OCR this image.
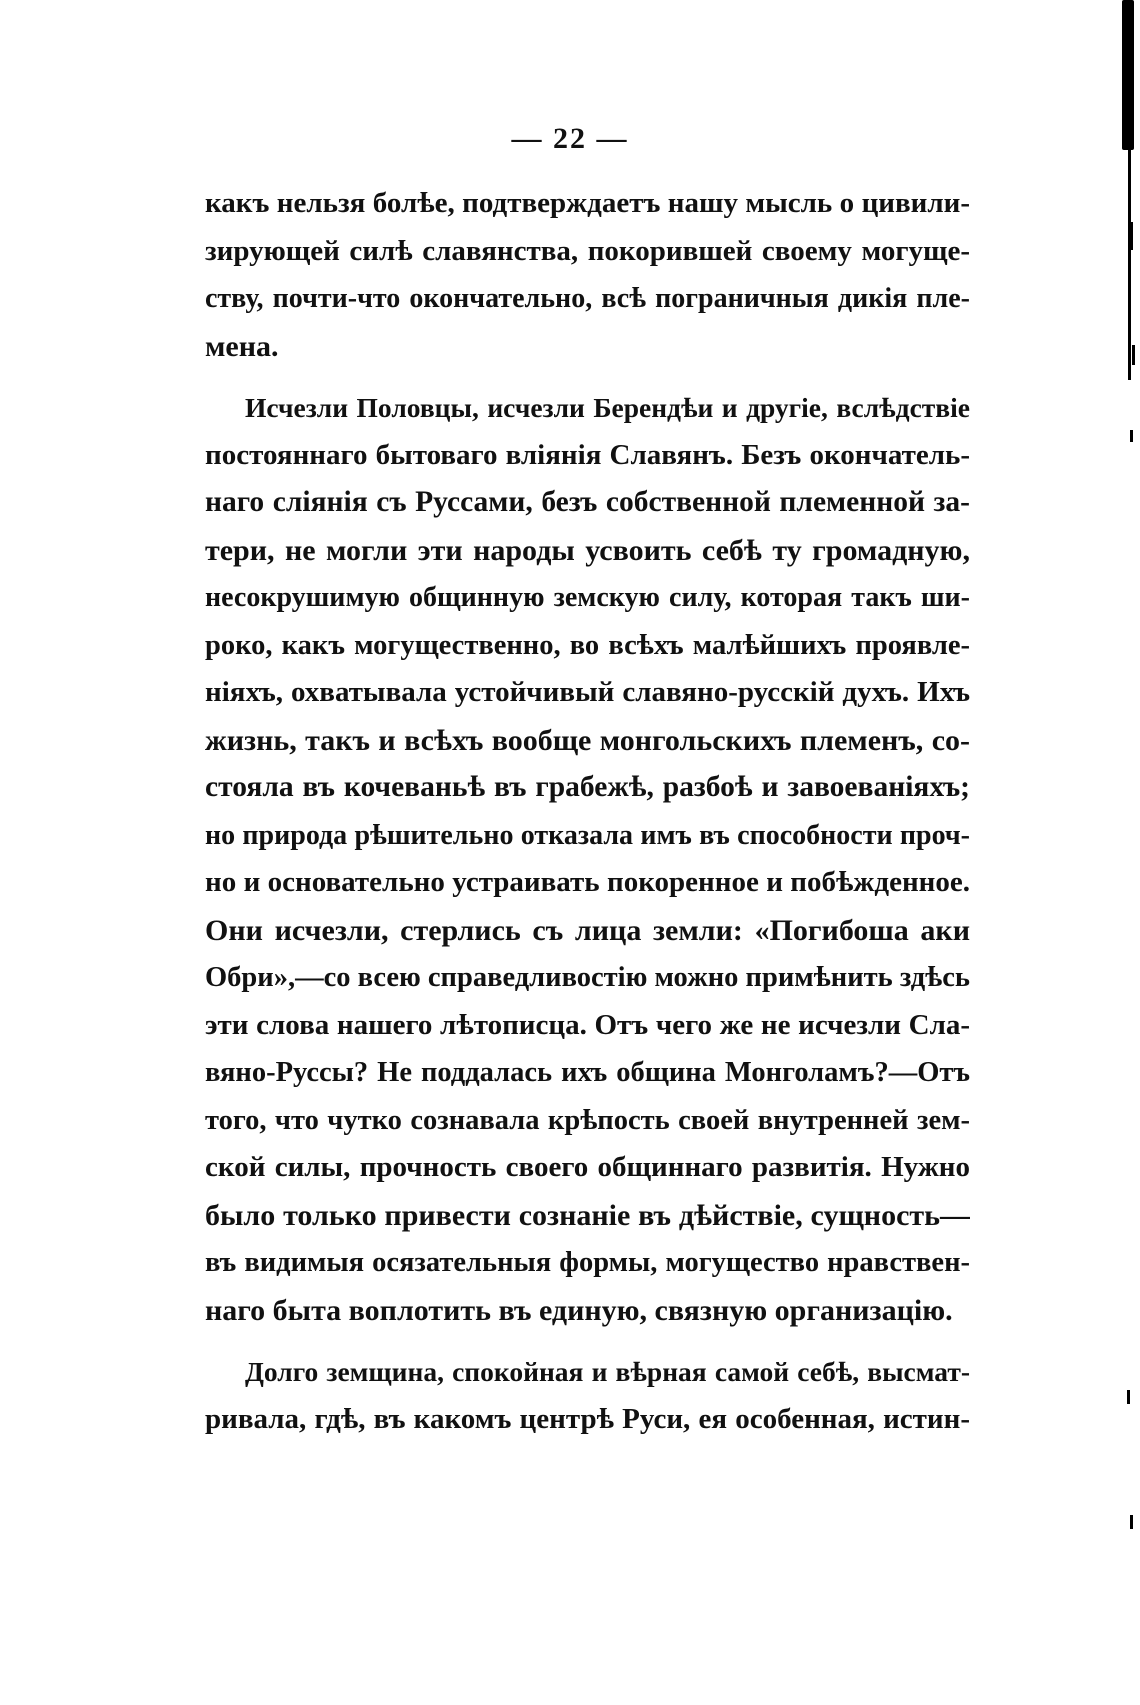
— 22 —
какъ нельзя болѣе, подтверждаетъ нашу мысль о цивили-
зирующей силѣ славянства, покорившей своему могуще-
ству, почти-что окончательно, всѣ пограничныя дикія пле-
мена.
Исчезли Половцы, исчезли Берендѣи и другіе, вслѣдствіе
постояннаго бытоваго вліянія Славянъ. Безъ окончатель-
наго слiянія съ Руссами, безъ собственной племенной за-
тери, не могли эти народы усвоить себѣ ту громадную,
несокрушимую общинную земскую силу, которая такъ ши-
роко, какъ могущественно, во всѣхъ малѣйшихъ проявле-
ніяхъ, охватывала устойчивый славяно-русскій духъ. Ихъ
жизнь, такъ и всѣхъ вообще монгольскихъ племенъ, со-
стояла въ кочеваньѣ въ грабежѣ, разбоѣ и завоеваніяхъ;
но природа рѣшительно отказала имъ въ способности проч-
но и основательно устраивать покоренное и побѣжденное.
Они исчезли, стерлись съ лица земли: «Погибоша аки
Обри»,—со всею справедливостію можно примѣнить здѣсь
эти слова нашего лѣтописца. Отъ чего же не исчезли Сла-
вяно-Руссы? Не поддалась ихъ община Монголамъ?—Отъ
того, что чутко сознавала крѣпость своей внутренней зем-
ской силы, прочность своего общиннаго развитія. Нужно
было только привести сознаніе въ дѣйствіе, сущность—
въ видимыя осязательныя формы, могущество нравствен-
наго быта воплотить въ единую, связную организацію.
Долго земщина, спокойная и вѣрная самой себѣ, высмат-
ривала, гдѣ, въ какомъ центрѣ Руси, ея особенная, истин-
